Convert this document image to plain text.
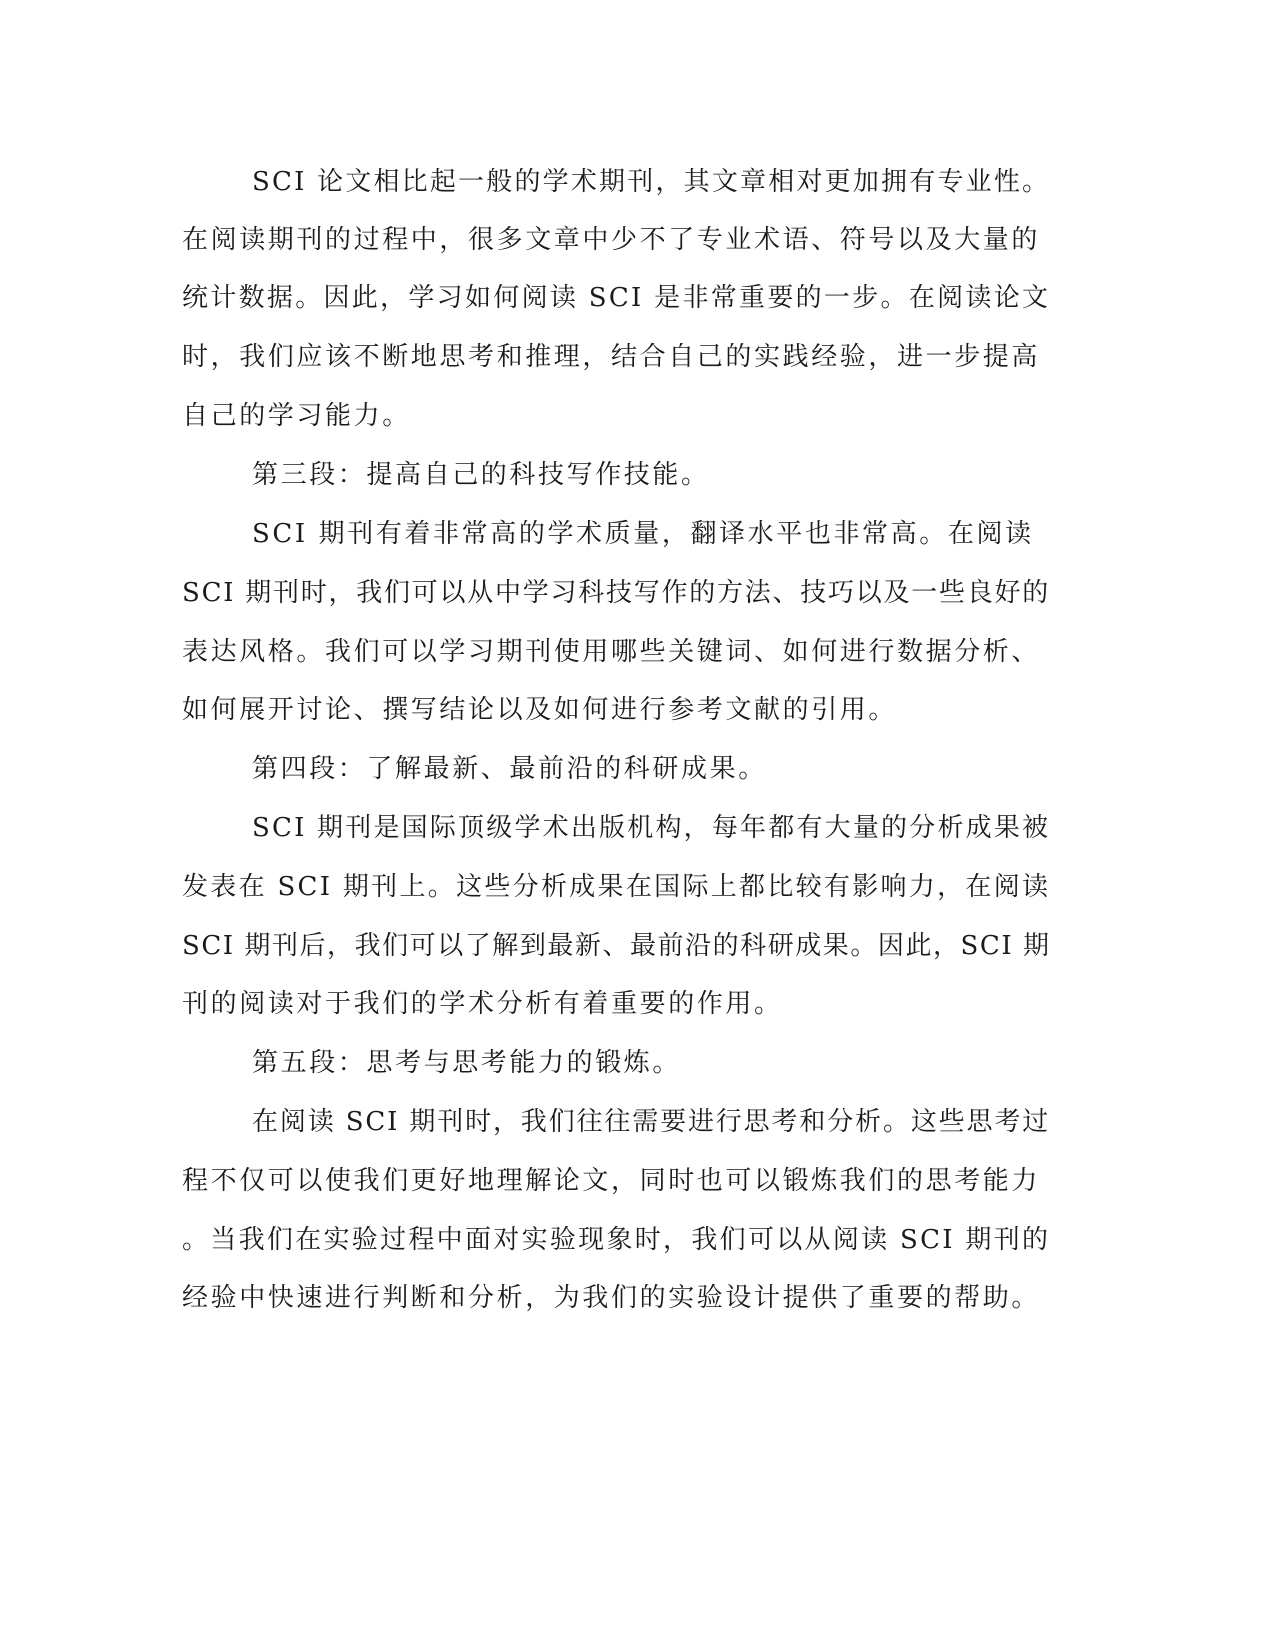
SCI 论文相比起一般的学术期刊，其文章相对更加拥有专业性。
在阅读期刊的过程中，很多文章中少不了专业术语、符号以及大量的
统计数据。因此，学习如何阅读 SCI 是非常重要的一步。在阅读论文
时，我们应该不断地思考和推理，结合自己的实践经验，进一步提高
自己的学习能力。
第三段：提高自己的科技写作技能。
SCI 期刊有着非常高的学术质量，翻译水平也非常高。在阅读
SCI 期刊时，我们可以从中学习科技写作的方法、技巧以及一些良好的
表达风格。我们可以学习期刊使用哪些关键词、如何进行数据分析、
如何展开讨论、撰写结论以及如何进行参考文献的引用。
第四段：了解最新、最前沿的科研成果。
SCI 期刊是国际顶级学术出版机构，每年都有大量的分析成果被
发表在 SCI 期刊上。这些分析成果在国际上都比较有影响力，在阅读
SCI 期刊后，我们可以了解到最新、最前沿的科研成果。因此，SCI 期
刊的阅读对于我们的学术分析有着重要的作用。
第五段：思考与思考能力的锻炼。
在阅读 SCI 期刊时，我们往往需要进行思考和分析。这些思考过
程不仅可以使我们更好地理解论文，同时也可以锻炼我们的思考能力
。当我们在实验过程中面对实验现象时，我们可以从阅读 SCI 期刊的
经验中快速进行判断和分析，为我们的实验设计提供了重要的帮助。
